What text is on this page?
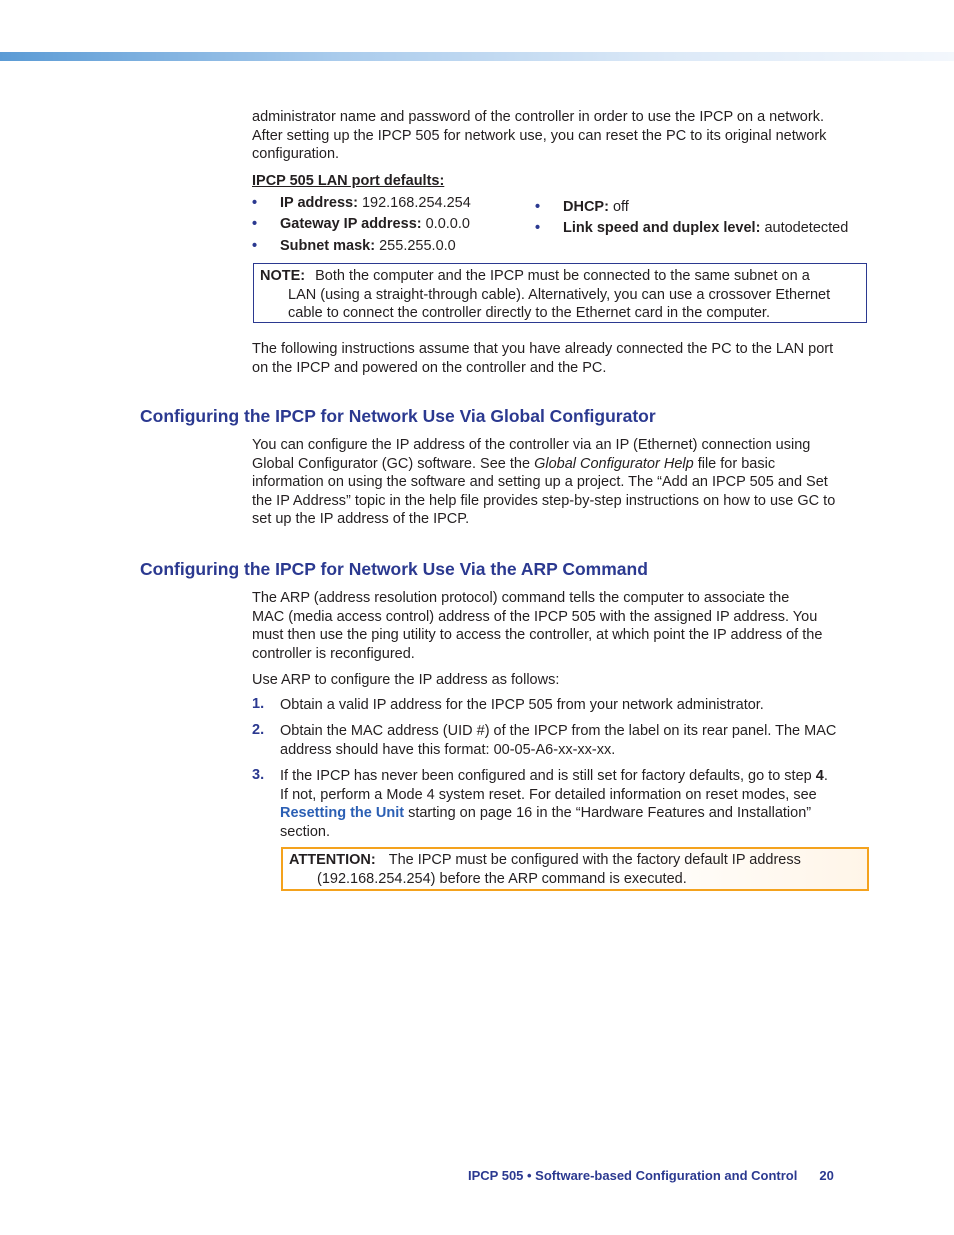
administrator name and password of the controller in order to use the IPCP on a network.
After setting up the IPCP 505 for network use, you can reset the PC to its original network
configuration.

IPCP 505 LAN port defaults:
• IP address: 192.168.254.254
• Gateway IP address: 0.0.0.0
• Subnet mask: 255.255.0.0
• DHCP: off
• Link speed and duplex level: autodetected
NOTE: Both the computer and the IPCP must be connected to the same subnet on a
LAN (using a straight-through cable). Alternatively, you can use a crossover Ethernet
cable to connect the controller directly to the Ethernet card in the computer.

The following instructions assume that you have already connected the PC to the LAN port
on the IPCP and powered on the controller and the PC.

Configuring the IPCP for Network Use Via Global Configurator

You can configure the IP address of the controller via an IP (Ethernet) connection using
Global Configurator (GC) software. See the Global Configurator Help file for basic
information on using the software and setting up a project. The “Add an IPCP 505 and Set
the IP Address” topic in the help file provides step-by-step instructions on how to use GC to
set up the IP address of the IPCP.

Configuring the IPCP for Network Use Via the ARP Command

The ARP (address resolution protocol) command tells the computer to associate the
MAC (media access control) address of the IPCP 505 with the assigned IP address. You
must then use the ping utility to access the controller, at which point the IP address of the
controller is reconfigured.

Use ARP to configure the IP address as follows:

1. Obtain a valid IP address for the IPCP 505 from your network administrator.

2. Obtain the MAC address (UID #) of the IPCP from the label on its rear panel. The MAC
address should have this format: 00-05-A6-xx-xx-xx.

3. If the IPCP has never been configured and is still set for factory defaults, go to step 4.
If not, perform a Mode 4 system reset. For detailed information on reset modes, see
Resetting the Unit starting on page 16 in the “Hardware Features and Installation”
section.

ATTENTION: The IPCP must be configured with the factory default IP address
(192.168.254.254) before the ARP command is executed.
IPCP 505 • Software-based Configuration and Control 20
